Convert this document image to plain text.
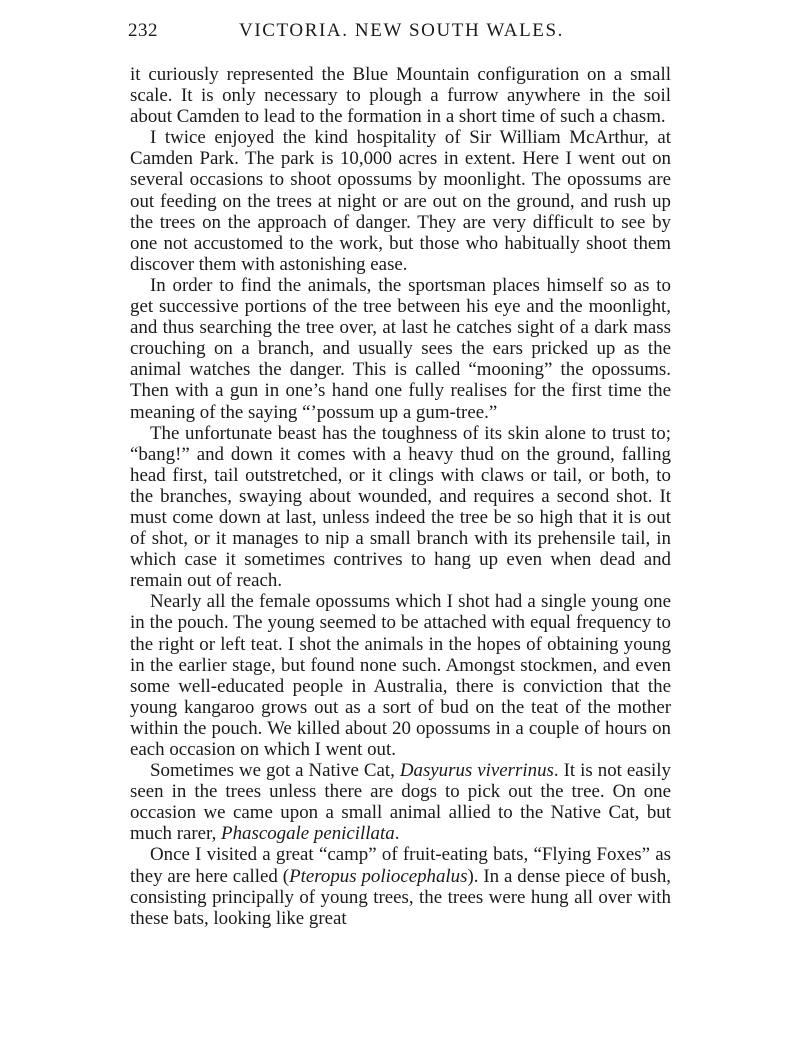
232	VICTORIA. NEW SOUTH WALES.

it curiously represented the Blue Mountain configuration on a small scale. It is only necessary to plough a furrow anywhere in the soil about Camden to lead to the formation in a short time of such a chasm.

I twice enjoyed the kind hospitality of Sir William McArthur, at Camden Park. The park is 10,000 acres in extent. Here I went out on several occasions to shoot opossums by moonlight. The opossums are out feeding on the trees at night or are out on the ground, and rush up the trees on the approach of danger. They are very difficult to see by one not accustomed to the work, but those who habitually shoot them discover them with astonishing ease.

In order to find the animals, the sportsman places himself so as to get successive portions of the tree between his eye and the moonlight, and thus searching the tree over, at last he catches sight of a dark mass crouching on a branch, and usually sees the ears pricked up as the animal watches the danger. This is called “mooning” the opossums. Then with a gun in one’s hand one fully realises for the first time the meaning of the saying “’possum up a gum-tree.”

The unfortunate beast has the toughness of its skin alone to trust to; “bang!” and down it comes with a heavy thud on the ground, falling head first, tail outstretched, or it clings with claws or tail, or both, to the branches, swaying about wounded, and requires a second shot. It must come down at last, unless indeed the tree be so high that it is out of shot, or it manages to nip a small branch with its prehensile tail, in which case it sometimes contrives to hang up even when dead and remain out of reach.

Nearly all the female opossums which I shot had a single young one in the pouch. The young seemed to be attached with equal frequency to the right or left teat. I shot the animals in the hopes of obtaining young in the earlier stage, but found none such. Amongst stockmen, and even some well-educated people in Australia, there is conviction that the young kangaroo grows out as a sort of bud on the teat of the mother within the pouch. We killed about 20 opossums in a couple of hours on each occasion on which I went out.

Sometimes we got a Native Cat, Dasyurus viverrinus. It is not easily seen in the trees unless there are dogs to pick out the tree. On one occasion we came upon a small animal allied to the Native Cat, but much rarer, Phascogale penicillata.

Once I visited a great “camp” of fruit-eating bats, “Flying Foxes” as they are here called (Pteropus poliocephalus). In a dense piece of bush, consisting principally of young trees, the trees were hung all over with these bats, looking like great
